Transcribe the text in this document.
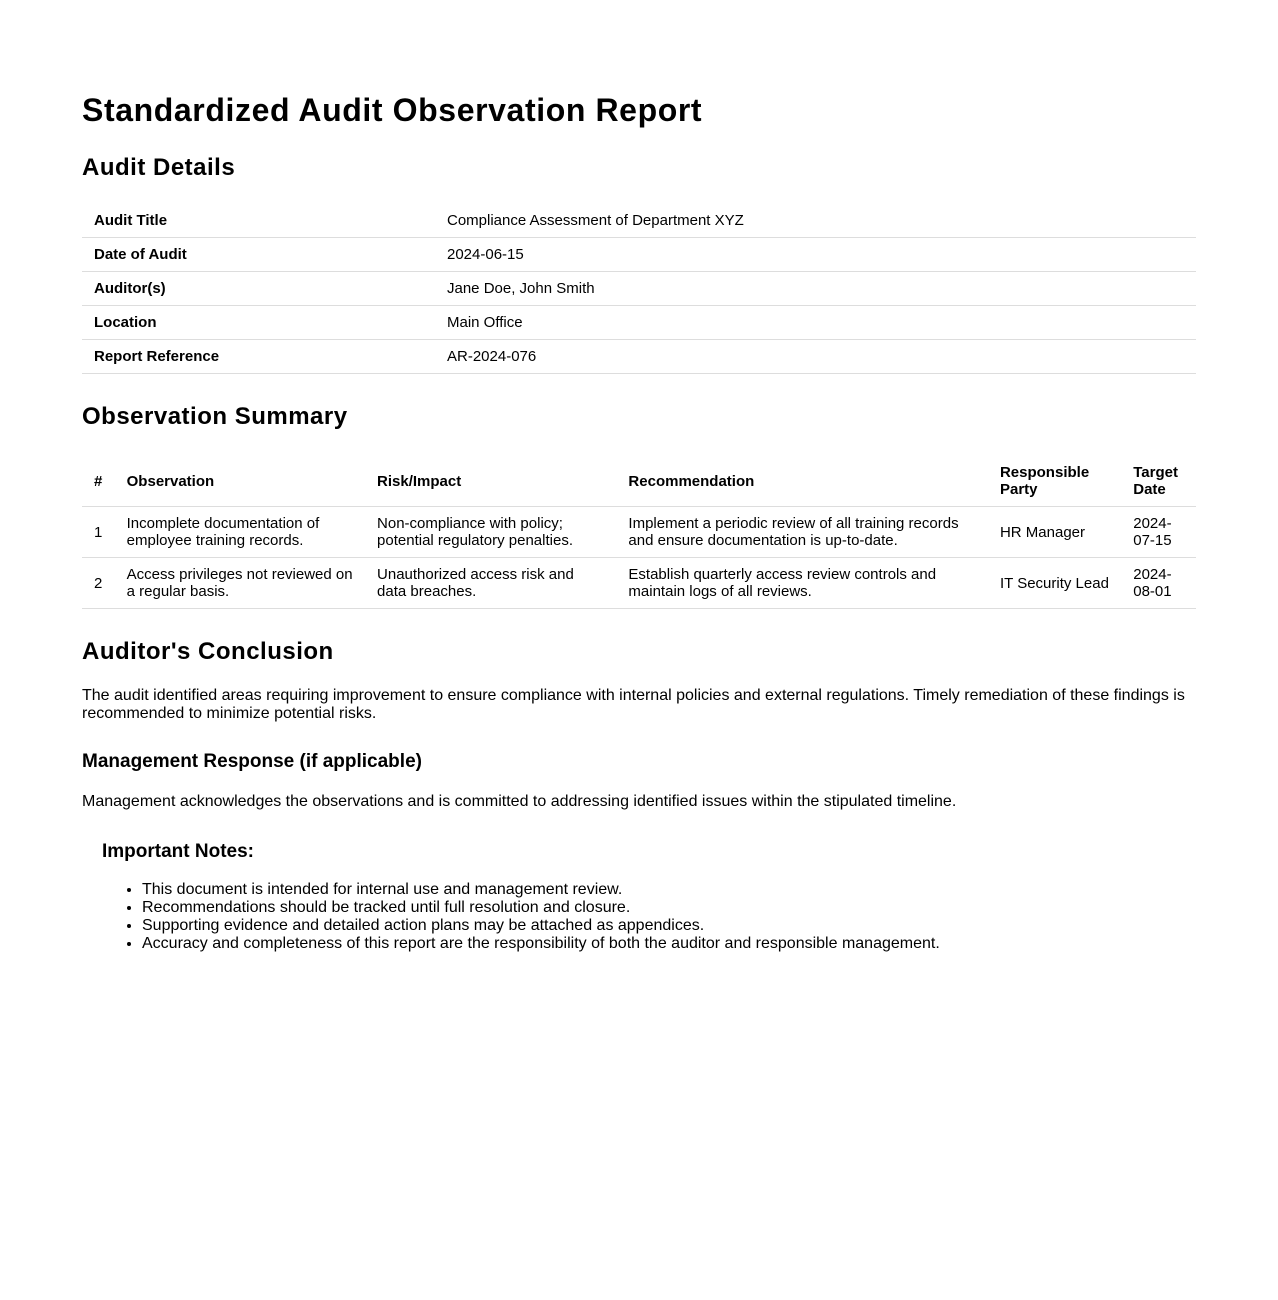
Standardized Audit Observation Report
Audit Details
Audit Title	Compliance Assessment of Department XYZ
Date of Audit	2024-06-15
Auditor(s)	Jane Doe, John Smith
Location	Main Office
Report Reference	AR-2024-076
Observation Summary
#	Observation	Risk/Impact	Recommendation	Responsible Party	Target Date
1	Incomplete documentation of employee training records.	Non-compliance with policy; potential regulatory penalties.	Implement a periodic review of all training records and ensure documentation is up-to-date.	HR Manager	2024-07-15
2	Access privileges not reviewed on a regular basis.	Unauthorized access risk and data breaches.	Establish quarterly access review controls and maintain logs of all reviews.	IT Security Lead	2024-08-01
Auditor's Conclusion

The audit identified areas requiring improvement to ensure compliance with internal policies and external regulations. Timely remediation of these findings is recommended to minimize potential risks.

Management Response (if applicable)

Management acknowledges the observations and is committed to addressing identified issues within the stipulated timeline.

Important Notes:
• This document is intended for internal use and management review.
• Recommendations should be tracked until full resolution and closure.
• Supporting evidence and detailed action plans may be attached as appendices.
• Accuracy and completeness of this report are the responsibility of both the auditor and responsible management.
